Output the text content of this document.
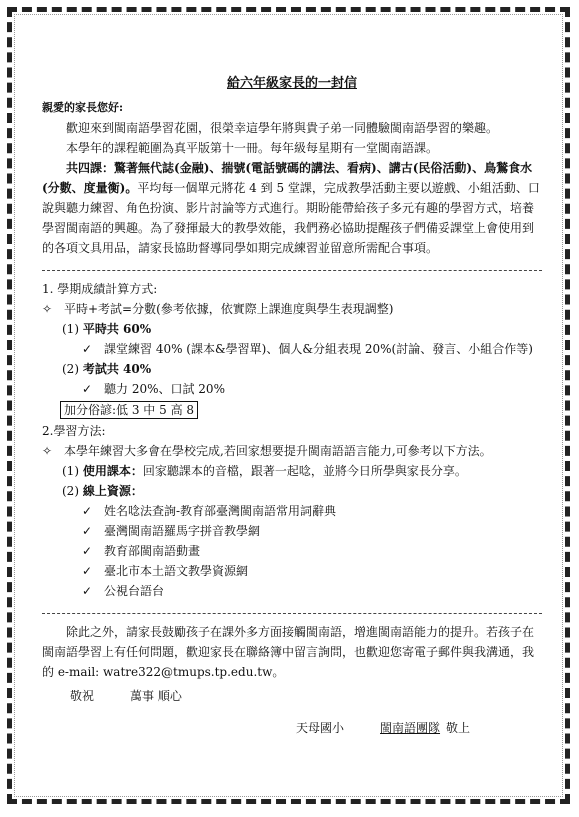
給六年級家長的一封信

親愛的家長您好:

歡迎來到閩南語學習花園，很榮幸這學年將與貴子弟一同體驗閩南語學習的樂趣。

本學年的課程範圍為真平版第十一冊。每年級每星期有一堂閩南語課。

共四課：驚著無代誌(金融)、揣號(電話號碼的講法、看病)、講古(民俗活動)、鳥鶖食水(分數、度量衡)。平均每一個單元將花 4 到 5 堂課，完成教學活動主要以遊戲、小組活動、口說與聽力練習、角色扮演、影片討論等方式進行。期盼能帶給孩子多元有趣的學習方式，培養學習閩南語的興趣。為了發揮最大的教學效能，我們務必協助提醒孩子們備妥課堂上會使用到的各項文具用品，請家長協助督導同學如期完成練習並留意所需配合事項。

1. 學期成績計算方式:

✧ 平時+考試=分數(參考依據，依實際上課進度與學生表現調整)
(1)
平時共 60%
✓ 課堂練習 40% (課本&學習單)、個人&分組表現 20%(討論、發言、小組合作等)
(2)
考試共 40%
✓ 聽力 20%、口試 20%
加分俗諺:低 3 中 5 高 8

2.學習方法:

✧ 本學年練習大多會在學校完成,若回家想要提升閩南語語言能力,可參考以下方法。
(1)
使用課本： 回家聽課本的音檔，跟著一起唸，並將今日所學與家長分享。
(2)
線上資源：
✓ 姓名唸法查詢-教育部臺灣閩南語常用詞辭典
✓ 臺灣閩南語羅馬字拼音教學網
✓ 教育部閩南語動畫
✓ 臺北市本土語文教學資源網
✓ 公視台語台

除此之外，請家長鼓勵孩子在課外多方面接觸閩南語，增進閩南語能力的提升。若孩子在閩南語學習上有任何問題，歡迎家長在聯絡簿中留言詢問，也歡迎您寄電子郵件與我溝通，我的 e-mail: watre322@tmups.tp.edu.tw。

敬祝	萬事 順心
天母國小	閩南語團隊 敬上
